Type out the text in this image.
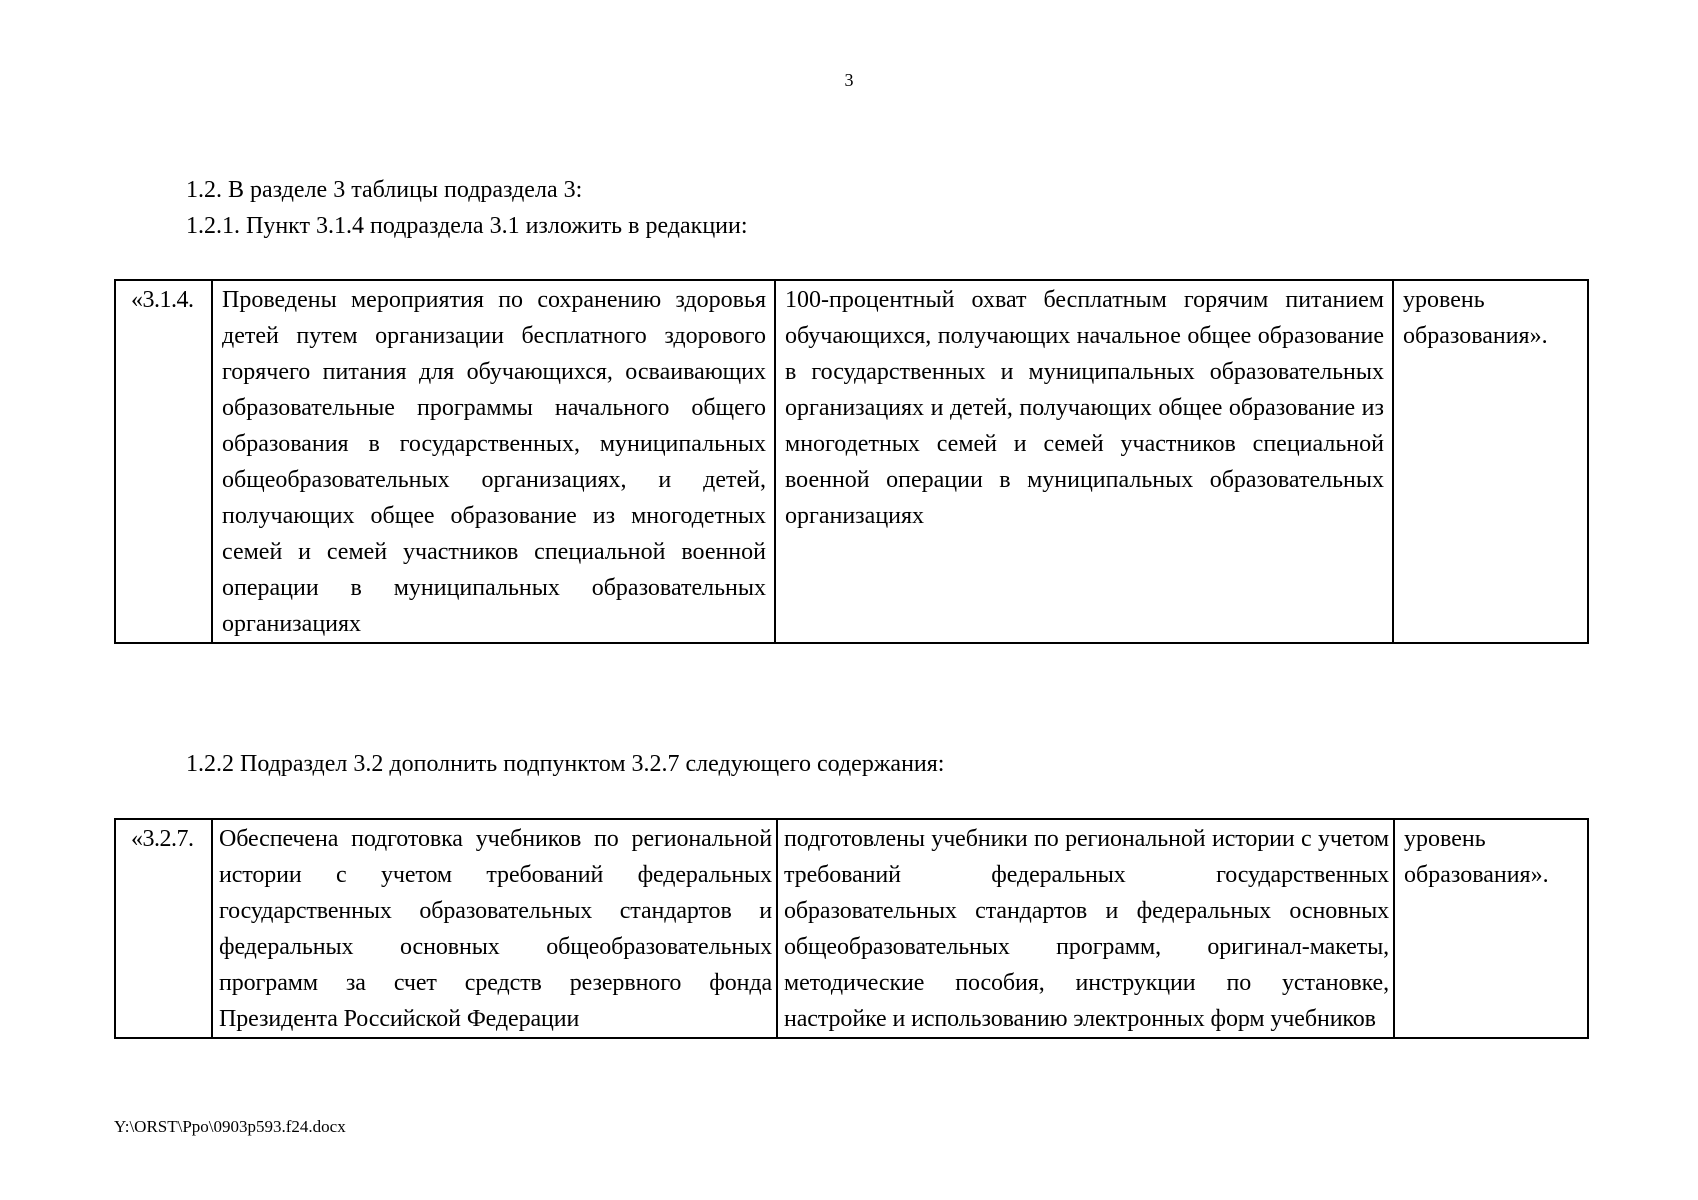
3
1.2. В разделе 3 таблицы подраздела 3:
1.2.1. Пункт 3.1.4 подраздела 3.1 изложить в редакции:
«3.1.4.	Проведены мероприятия по сохранению здоровья детей путем организации бесплатного здорового горячего питания для обучающихся, осваивающих образовательные программы начального общего образования в государственных, муниципальных общеобразовательных организациях, и детей, получающих общее образование из многодетных семей и семей участников специальной военной операции в муниципальных образовательных организациях	100-процентный охват бесплатным горячим питанием обучающихся, получающих начальное общее образование в государственных и муниципальных образовательных организациях и детей, получающих общее образование из многодетных семей и семей участников специальной военной операции в муниципальных образовательных организациях	уровень образования».
1.2.2 Подраздел 3.2 дополнить подпунктом 3.2.7 следующего содержания:
«3.2.7.	Обеспечена подготовка учебников по региональной истории с учетом требований федеральных государственных образовательных стандартов и федеральных основных общеобразовательных программ за счет средств резервного фонда Президента Российской Федерации	подготовлены учебники по региональной истории с учетом требований федеральных государственных образовательных стандартов и федеральных основных общеобразовательных программ, оригинал-макеты, методические пособия, инструкции по установке, настройке и использованию электронных форм учебников	уровень образования».
Y:\ORST\Ppo\0903p593.f24.docx
